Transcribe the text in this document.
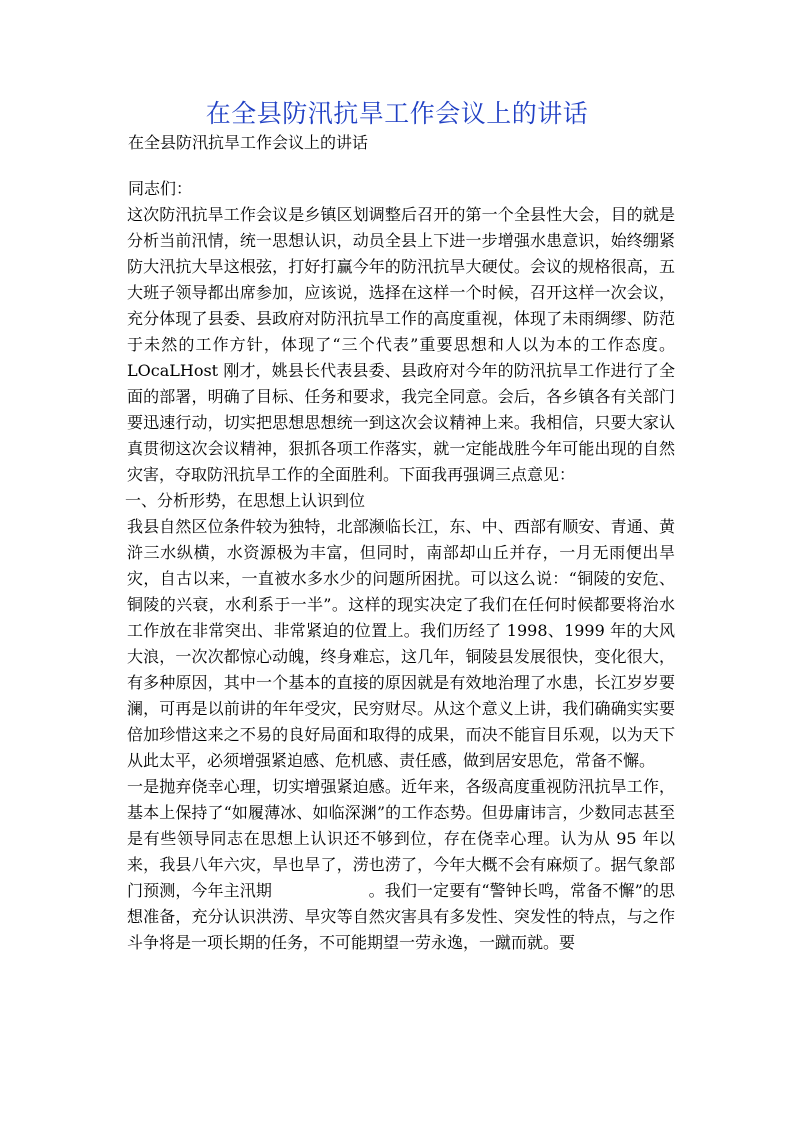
在全县防汛抗旱工作会议上的讲话

在全县防汛抗旱工作会议上的讲话

同志们：

这次防汛抗旱工作会议是乡镇区划调整后召开的第一个全县性大会，目的就是分析当前汛情，统一思想认识，动员全县上下进一步增强水患意识，始终绷紧防大汛抗大旱这根弦，打好打赢今年的防汛抗旱大硬仗。会议的规格很高，五大班子领导都出席参加，应该说，选择在这样一个时候，召开这样一次会议，充分体现了县委、县政府对防汛抗旱工作的高度重视，体现了未雨绸缪、防范于未然的工作方针，体现了“三个代表”重要思想和人以为本的工作态度。LOcaLHost 刚才，姚县长代表县委、县政府对今年的防汛抗旱工作进行了全面的部署，明确了目标、任务和要求，我完全同意。会后，各乡镇各有关部门要迅速行动，切实把思想思想统一到这次会议精神上来。我相信，只要大家认真贯彻这次会议精神，狠抓各项工作落实，就一定能战胜今年可能出现的自然灾害，夺取防汛抗旱工作的全面胜利。下面我再强调三点意见：

一、分析形势，在思想上认识到位

我县自然区位条件较为独特，北部濒临长江，东、中、西部有顺安、青通、黄浒三水纵横，水资源极为丰富，但同时，南部却山丘并存，一月无雨便出旱灾，自古以来，一直被水多水少的问题所困扰。可以这么说：“铜陵的安危、铜陵的兴衰，水利系于一半”。这样的现实决定了我们在任何时候都要将治水工作放在非常突出、非常紧迫的位置上。我们历经了 1998、1999 年的大风大浪，一次次都惊心动魄，终身难忘，这几年，铜陵县发展很快，变化很大，有多种原因，其中一个基本的直接的原因就是有效地治理了水患，长江岁岁要澜，可再是以前讲的年年受灾，民穷财尽。从这个意义上讲，我们确确实实要倍加珍惜这来之不易的良好局面和取得的成果，而决不能盲目乐观，以为天下从此太平，必须增强紧迫感、危机感、责任感，做到居安思危，常备不懈。

一是抛弃侥幸心理，切实增强紧迫感。近年来，各级高度重视防汛抗旱工作，基本上保持了“如履薄冰、如临深渊”的工作态势。但毋庸讳言，少数同志甚至是有些领导同志在思想上认识还不够到位，存在侥幸心理。认为从 95 年以来，我县八年六灾，旱也旱了，涝也涝了，今年大概不会有麻烦了。据气象部门预测，今年主汛期　　　　　　。我们一定要有“警钟长鸣，常备不懈”的思想准备，充分认识洪涝、旱灾等自然灾害具有多发性、突发性的特点，与之作斗争将是一项长期的任务，不可能期望一劳永逸，一蹴而就。要
